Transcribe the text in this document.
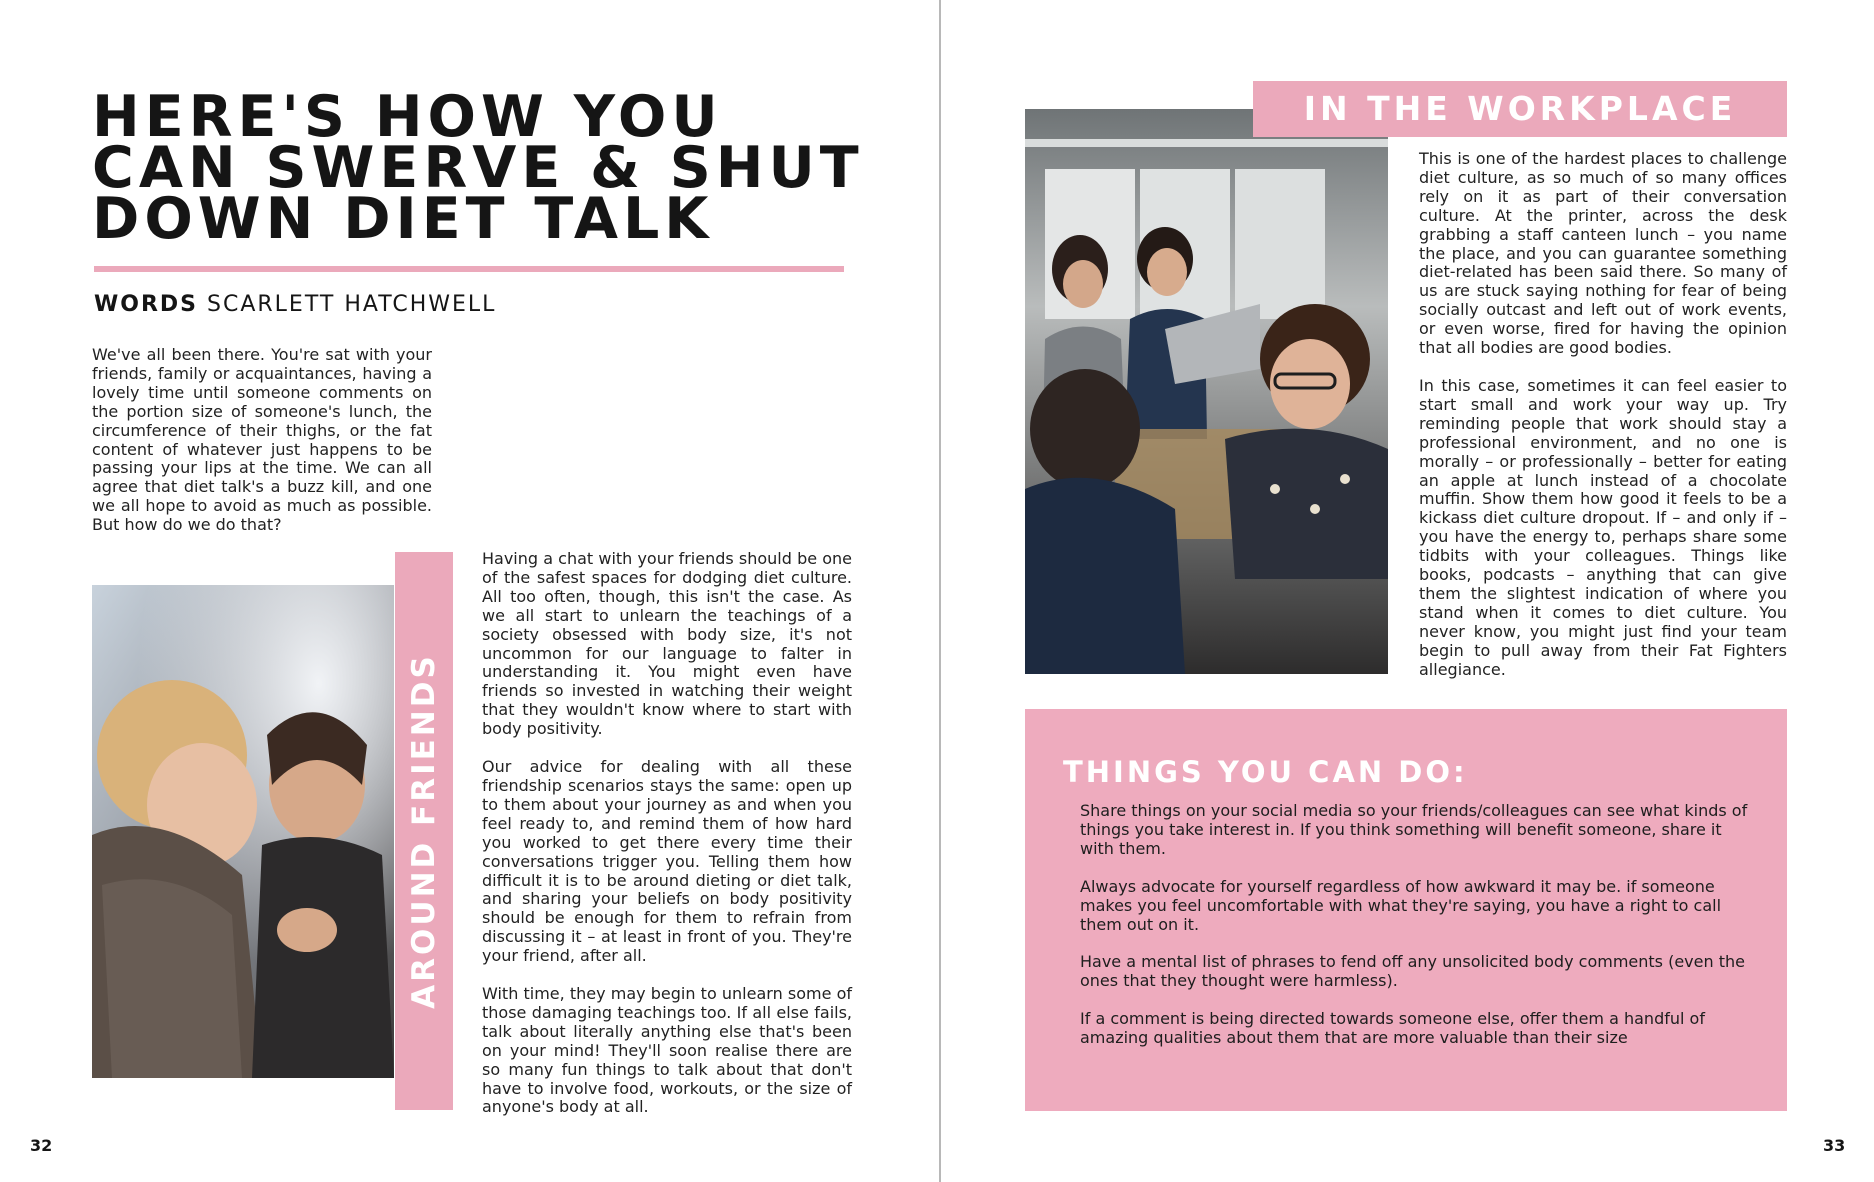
HERE'S HOW YOU
CAN SWERVE & SHUT
DOWN DIET TALK
WORDS SCARLETT HATCHWELL

We've all been there. You're sat with your friends, family or acquaintances, having a lovely time until someone comments on the portion size of someone's lunch, the circumference of their thighs, or the fat content of whatever just happens to be passing your lips at the time. We can all agree that diet talk's a buzz kill, and one we all hope to avoid as much as possible. But how do we do that?

AROUND FRIENDS

Having a chat with your friends should be one of the safest spaces for dodging diet culture. All too often, though, this isn't the case. As we all start to unlearn the teachings of a society obsessed with body size, it's not uncommon for our language to falter in understanding it. You might even have friends so invested in watching their weight that they wouldn't know where to start with body positivity.

Our advice for dealing with all these friendship scenarios stays the same: open up to them about your journey as and when you feel ready to, and remind them of how hard you worked to get there every time their conversations trigger you. Telling them how difficult it is to be around dieting or diet talk, and sharing your beliefs on body positivity should be enough for them to refrain from discussing it – at least in front of you. They're your friend, after all.

With time, they may begin to unlearn some of those damaging teachings too. If all else fails, talk about literally anything else that's been on your mind! They'll soon realise there are so many fun things to talk about that don't have to involve food, workouts, or the size of anyone's body at all.

32
IN THE WORKPLACE

This is one of the hardest places to challenge diet culture, as so much of so many offices rely on it as part of their conversation culture. At the printer, across the desk grabbing a staff canteen lunch – you name the place, and you can guarantee something diet-related has been said there. So many of us are stuck saying nothing for fear of being socially outcast and left out of work events, or even worse, fired for having the opinion that all bodies are good bodies.

In this case, sometimes it can feel easier to start small and work your way up. Try reminding people that work should stay a professional environment, and no one is morally – or professionally – better for eating an apple at lunch instead of a chocolate muffin. Show them how good it feels to be a kickass diet culture dropout. If – and only if – you have the energy to, perhaps share some tidbits with your colleagues. Things like books, podcasts – anything that can give them the slightest indication of where you stand when it comes to diet culture. You never know, you might just find your team begin to pull away from their Fat Fighters allegiance.

THINGS YOU CAN DO:
Share things on your social media so your friends/colleagues can see what kinds of things you take interest in. If you think something will benefit someone, share it with them.
Always advocate for yourself regardless of how awkward it may be. if someone makes you feel uncomfortable with what they're saying, you have a right to call them out on it.
Have a mental list of phrases to fend off any unsolicited body comments (even the ones that they thought were harmless).
If a comment is being directed towards someone else, offer them a handful of amazing qualities about them that are more valuable than their size
33
